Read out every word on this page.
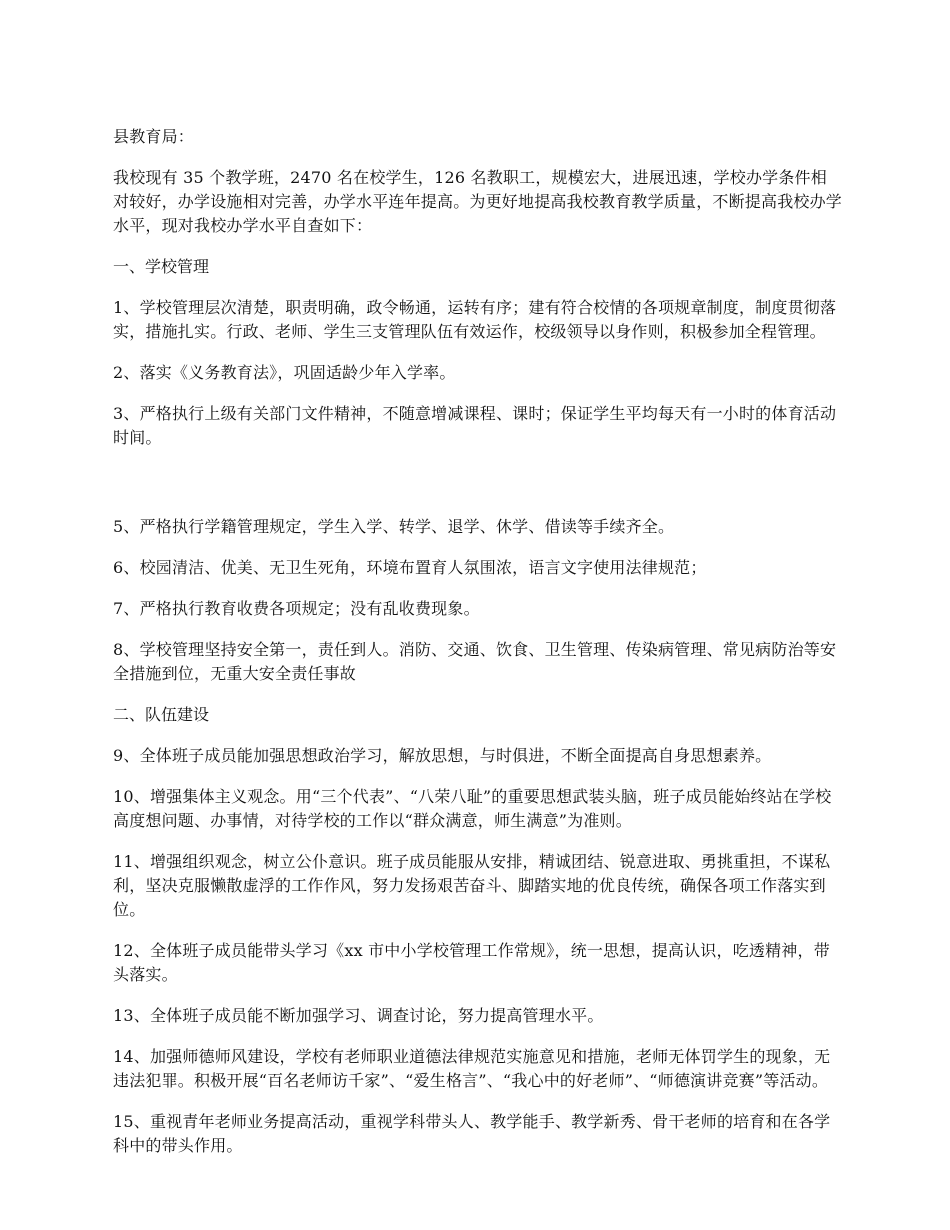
县教育局：

我校现有 35 个教学班，2470 名在校学生，126 名教职工，规模宏大，进展迅速，学校办学条件相对较好，办学设施相对完善，办学水平连年提高。为更好地提高我校教育教学质量，不断提高我校办学水平，现对我校办学水平自查如下：

一、学校管理

1、学校管理层次清楚，职责明确，政令畅通，运转有序；建有符合校情的各项规章制度，制度贯彻落实，措施扎实。行政、老师、学生三支管理队伍有效运作，校级领导以身作则，积极参加全程管理。

2、落实《义务教育法》，巩固适龄少年入学率。

3、严格执行上级有关部门文件精神，不随意增减课程、课时；保证学生平均每天有一小时的体育活动时间。

5、严格执行学籍管理规定，学生入学、转学、退学、休学、借读等手续齐全。

6、校园清洁、优美、无卫生死角，环境布置育人氛围浓，语言文字使用法律规范；

7、严格执行教育收费各项规定；没有乱收费现象。

8、学校管理坚持安全第一，责任到人。消防、交通、饮食、卫生管理、传染病管理、常见病防治等安全措施到位，无重大安全责任事故

二、队伍建设

9、全体班子成员能加强思想政治学习，解放思想，与时俱进，不断全面提高自身思想素养。

10、增强集体主义观念。用“三个代表”、“八荣八耻”的重要思想武装头脑，班子成员能始终站在学校高度想问题、办事情，对待学校的工作以“群众满意，师生满意”为准则。

11、增强组织观念，树立公仆意识。班子成员能服从安排，精诚团结、锐意进取、勇挑重担，不谋私利，坚决克服懒散虚浮的工作作风，努力发扬艰苦奋斗、脚踏实地的优良传统，确保各项工作落实到位。

12、全体班子成员能带头学习《xx 市中小学校管理工作常规》，统一思想，提高认识，吃透精神，带头落实。

13、全体班子成员能不断加强学习、调查讨论，努力提高管理水平。

14、加强师德师风建设，学校有老师职业道德法律规范实施意见和措施，老师无体罚学生的现象，无违法犯罪。积极开展“百名老师访千家”、“爱生格言”、“我心中的好老师”、“师德演讲竞赛”等活动。

15、重视青年老师业务提高活动，重视学科带头人、教学能手、教学新秀、骨干老师的培育和在各学科中的带头作用。
